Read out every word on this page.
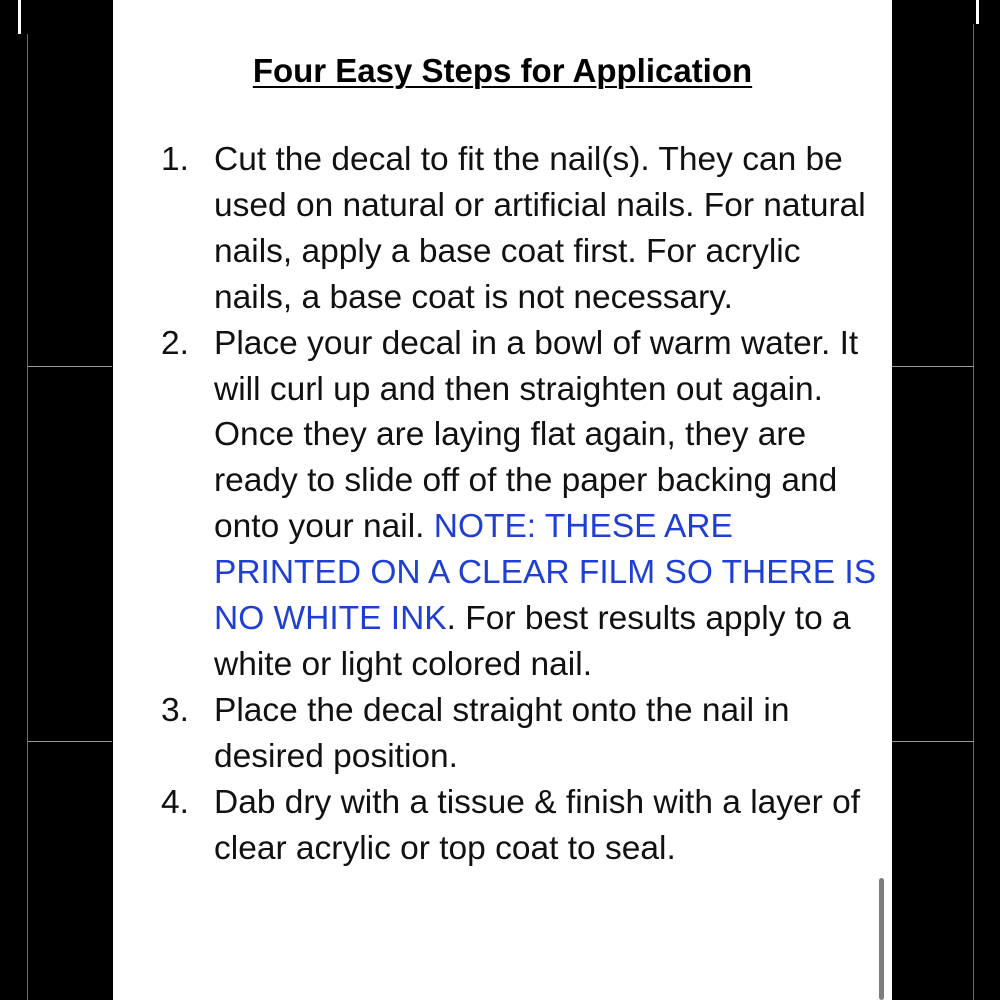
Four Easy Steps for Application
1. Cut the decal to fit the nail(s). They can be used on natural or artificial nails. For natural nails, apply a base coat first. For acrylic nails, a base coat is not necessary.
2. Place your decal in a bowl of warm water. It will curl up and then straighten out again. Once they are laying flat again, they are ready to slide off of the paper backing and onto your nail. NOTE: THESE ARE PRINTED ON A CLEAR FILM SO THERE IS NO WHITE INK. For best results apply to a white or light colored nail.
3. Place the decal straight onto the nail in desired position.
4. Dab dry with a tissue & finish with a layer of clear acrylic or top coat to seal.
